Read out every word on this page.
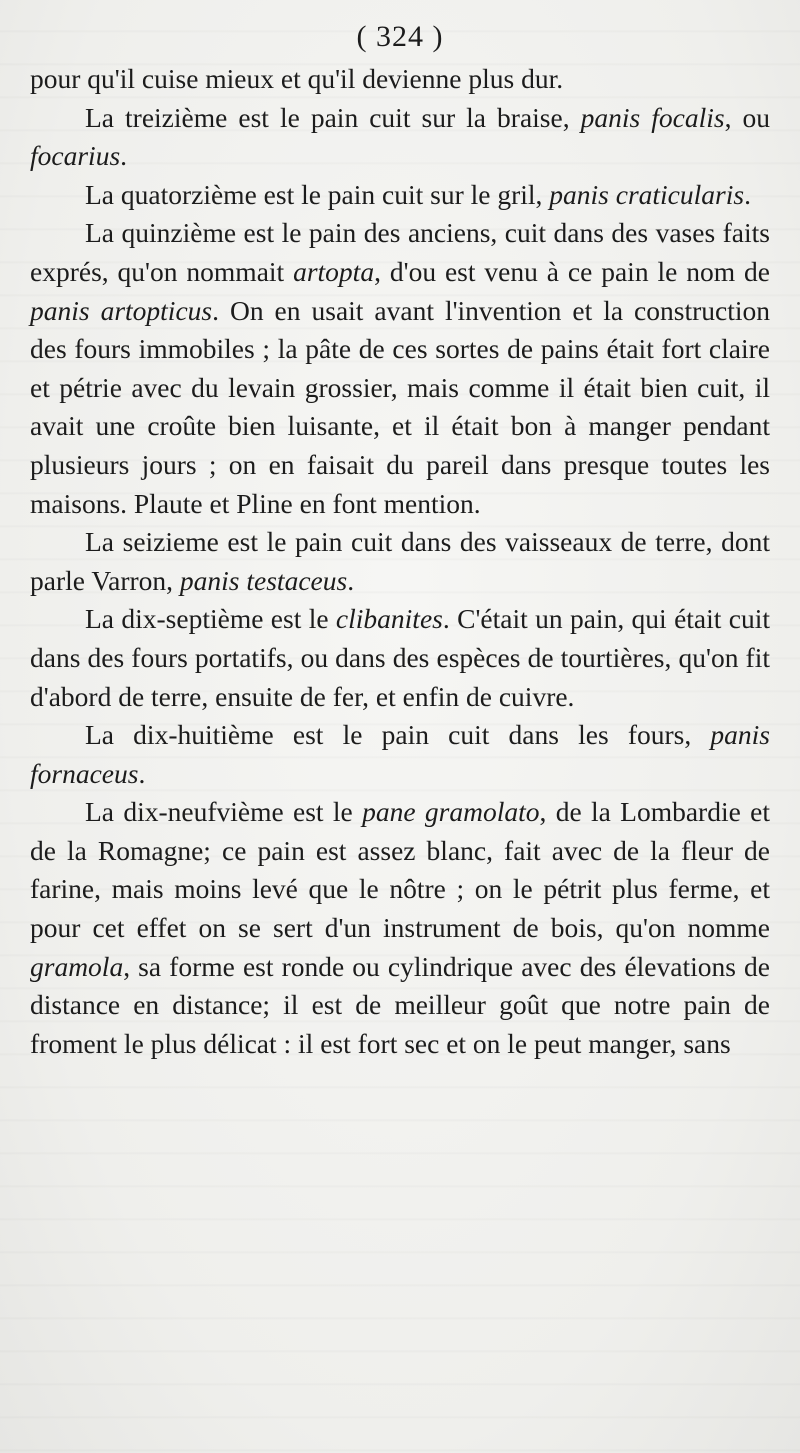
( 324 )

pour qu'il cuise mieux et qu'il devienne plus dur.

La treizième est le pain cuit sur la braise, panis focalis, ou focarius.

La quatorzième est le pain cuit sur le gril, panis craticularis.

La quinzième est le pain des anciens, cuit dans des vases faits exprés, qu'on nommait artopta, d'ou est venu à ce pain le nom de panis artopticus. On en usait avant l'invention et la construction des fours immobiles ; la pâte de ces sortes de pains était fort claire et pétrie avec du levain grossier, mais comme il était bien cuit, il avait une croûte bien luisante, et il était bon à manger pendant plusieurs jours ; on en faisait du pareil dans presque toutes les maisons. Plaute et Pline en font mention.

La seizieme est le pain cuit dans des vaisseaux de terre, dont parle Varron, panis testaceus.

La dix-septième est le clibanites. C'était un pain, qui était cuit dans des fours portatifs, ou dans des espèces de tourtières, qu'on fit d'abord de terre, ensuite de fer, et enfin de cuivre.

La dix-huitième est le pain cuit dans les fours, panis fornaceus.

La dix-neufvième est le pane gramolato, de la Lombardie et de la Romagne; ce pain est assez blanc, fait avec de la fleur de farine, mais moins levé que le nôtre ; on le pétrit plus ferme, et pour cet effet on se sert d'un instrument de bois, qu'on nomme gramola, sa forme est ronde ou cylindrique avec des élevations de distance en distance; il est de meilleur goût que notre pain de froment le plus délicat : il est fort sec et on le peut manger, sans
